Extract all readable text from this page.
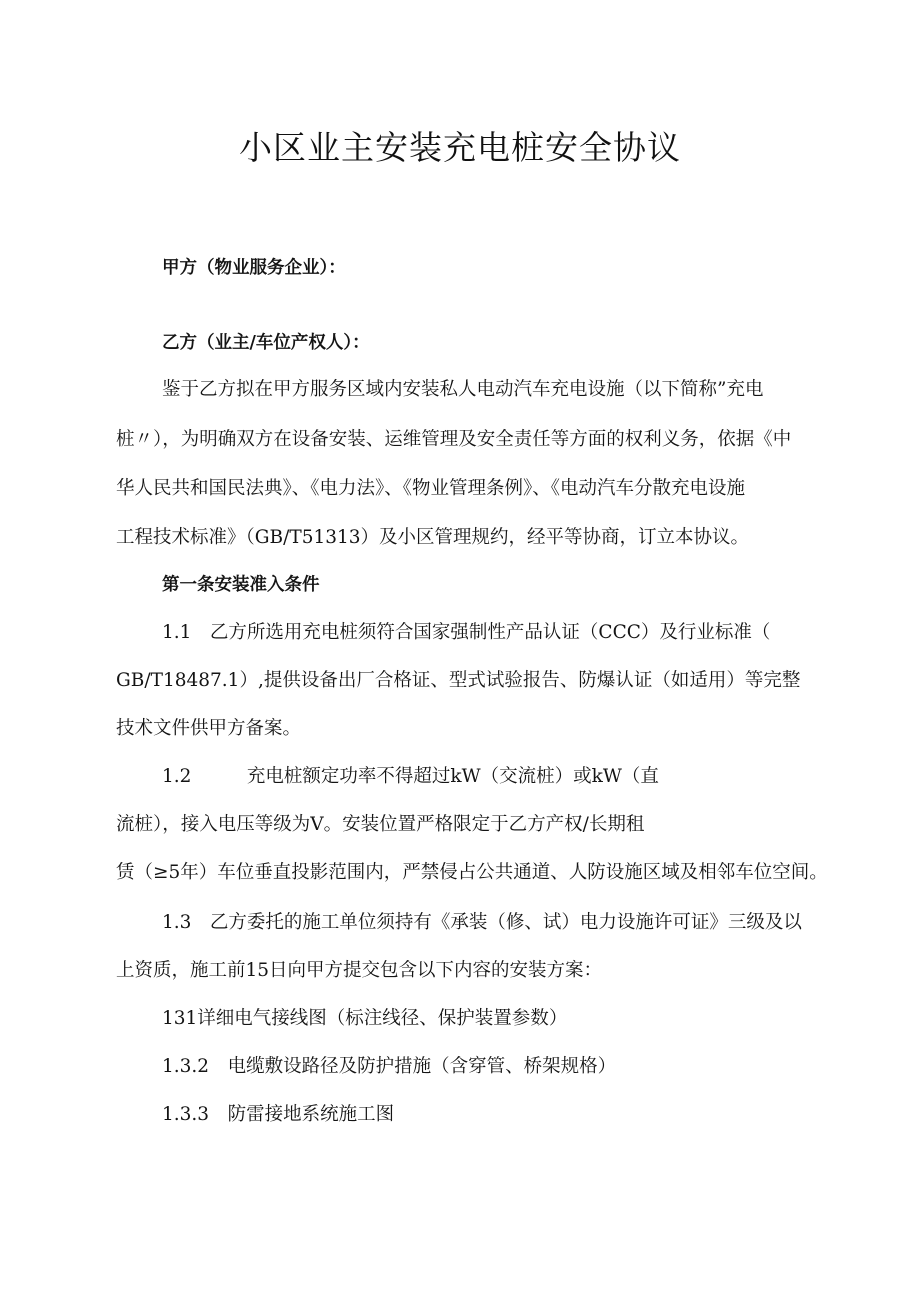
小区业主安装充电桩安全协议
甲方（物业服务企业）：
乙方（业主/车位产权人）：
鉴于乙方拟在甲方服务区域内安装私人电动汽车充电设施（以下简称”充电
桩〃），为明确双方在设备安装、运维管理及安全责任等方面的权利义务，依据《中
华人民共和国民法典》、《电力法》、《物业管理条例》、《电动汽车分散充电设施
工程技术标准》（GB/T51313）及小区管理规约，经平等协商，订立本协议。
第一条安装准入条件
1.1　乙方所选用充电桩须符合国家强制性产品认证（CCC）及行业标准（
GB/T18487.1）,提供设备出厂合格证、型式试验报告、防爆认证（如适用）等完整
技术文件供甲方备案。
1.2　　　充电桩额定功率不得超过kW（交流桩）或kW（直
流桩），接入电压等级为V。安装位置严格限定于乙方产权/长期租
赁（≥5年）车位垂直投影范围内，严禁侵占公共通道、人防设施区域及相邻车位空间。
1.3　乙方委托的施工单位须持有《承装（修、试）电力设施许可证》三级及以
上资质，施工前15日向甲方提交包含以下内容的安装方案：
131详细电气接线图（标注线径、保护装置参数）
1.3.2　电缆敷设路径及防护措施（含穿管、桥架规格）
1.3.3　防雷接地系统施工图
